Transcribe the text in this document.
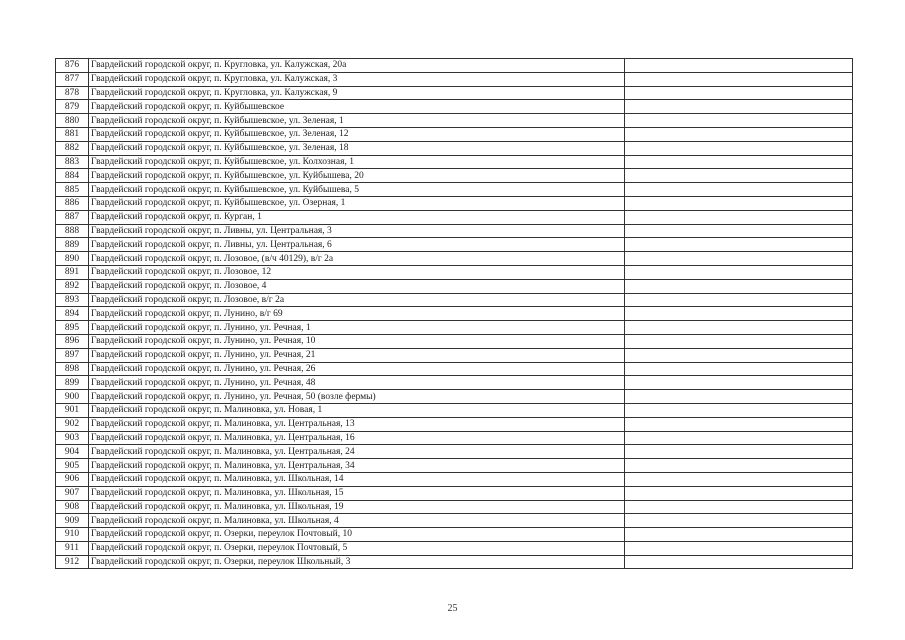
876	Гвардейский городской округ, п. Кругловка, ул. Калужская, 20а	
877	Гвардейский городской округ, п. Кругловка, ул. Калужская, 3	
878	Гвардейский городской округ, п. Кругловка, ул. Калужская, 9	
879	Гвардейский городской округ, п. Куйбышевское	
880	Гвардейский городской округ, п. Куйбышевское, ул. Зеленая, 1	
881	Гвардейский городской округ, п. Куйбышевское, ул. Зеленая, 12	
882	Гвардейский городской округ, п. Куйбышевское, ул. Зеленая, 18	
883	Гвардейский городской округ, п. Куйбышевское, ул. Колхозная, 1	
884	Гвардейский городской округ, п. Куйбышевское, ул. Куйбышева, 20	
885	Гвардейский городской округ, п. Куйбышевское, ул. Куйбышева, 5	
886	Гвардейский городской округ, п. Куйбышевское, ул. Озерная, 1	
887	Гвардейский городской округ, п. Курган, 1	
888	Гвардейский городской округ, п. Ливны, ул. Центральная, 3	
889	Гвардейский городской округ, п. Ливны, ул. Центральная, 6	
890	Гвардейский городской округ, п. Лозовое, (в/ч 40129), в/г 2а	
891	Гвардейский городской округ, п. Лозовое, 12	
892	Гвардейский городской округ, п. Лозовое, 4	
893	Гвардейский городской округ, п. Лозовое, в/г 2а	
894	Гвардейский городской округ, п. Лунино, в/г 69	
895	Гвардейский городской округ, п. Лунино, ул. Речная, 1	
896	Гвардейский городской округ, п. Лунино, ул. Речная, 10	
897	Гвардейский городской округ, п. Лунино, ул. Речная, 21	
898	Гвардейский городской округ, п. Лунино, ул. Речная, 26	
899	Гвардейский городской округ, п. Лунино, ул. Речная, 48	
900	Гвардейский городской округ, п. Лунино, ул. Речная, 50 (возле фермы)	
901	Гвардейский городской округ, п. Малиновка, ул. Новая, 1	
902	Гвардейский городской округ, п. Малиновка, ул. Центральная, 13	
903	Гвардейский городской округ, п. Малиновка, ул. Центральная, 16	
904	Гвардейский городской округ, п. Малиновка, ул. Центральная, 24	
905	Гвардейский городской округ, п. Малиновка, ул. Центральная, 34	
906	Гвардейский городской округ, п. Малиновка, ул. Школьная, 14	
907	Гвардейский городской округ, п. Малиновка, ул. Школьная, 15	
908	Гвардейский городской округ, п. Малиновка, ул. Школьная, 19	
909	Гвардейский городской округ, п. Малиновка, ул. Школьная, 4	
910	Гвардейский городской округ, п. Озерки, переулок Почтовый, 10	
911	Гвардейский городской округ, п. Озерки, переулок Почтовый, 5	
912	Гвардейский городской округ, п. Озерки, переулок Школьный, 3	
25
